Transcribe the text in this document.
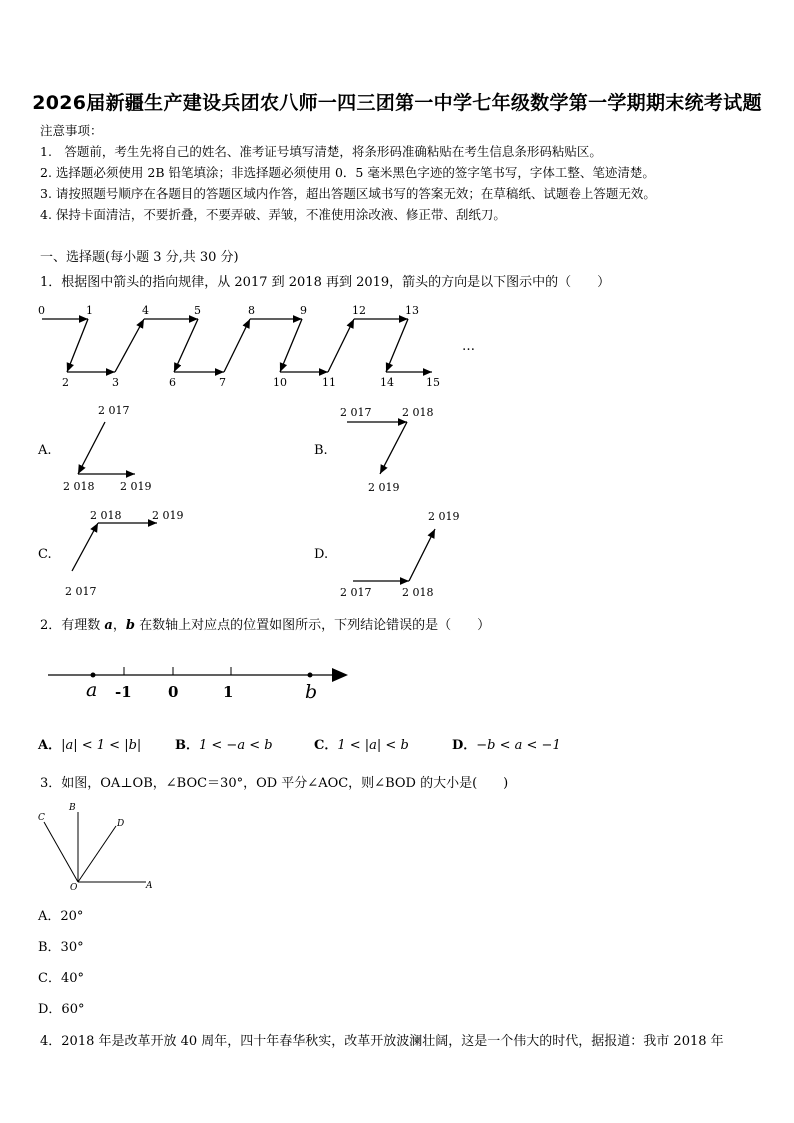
2026届新疆生产建设兵团农八师一四三团第一中学七年级数学第一学期期末统考试题
注意事项：
1.　答题前，考生先将自己的姓名、准考证号填写清楚，将条形码准确粘贴在考生信息条形码粘贴区。
2. 选择题必须使用 2B 铅笔填涂；非选择题必须使用 0．5 毫米黑色字迹的签字笔书写，字体工整、笔迹清楚。
3. 请按照题号顺序在各题目的答题区域内作答，超出答题区域书写的答案无效；在草稿纸、试题卷上答题无效。
4. 保持卡面清洁，不要折叠，不要弄破、弄皱，不准使用涂改液、修正带、刮纸刀。
一、选择题(每小题 3 分,共 30 分)
1．根据图中箭头的指向规律，从 2017 到 2018 再到 2019，箭头的方向是以下图示中的（　　）
0	1	4	5	8	9	12	13
2	3	6	7	10	11	14	15
…
A.
2 017
2 018 2 019
B.
2 017	2 018
2 019
C.
2 018	2 019
2 017
D.
2 019
2 017	2 018
2．有理数 a，b 在数轴上对应点的位置如图所示，下列结论错误的是（　　）
a -1 0	1	b
A．|a| < 1 < |b|	B．1 < −a < b	C．1 < |a| < b	D．−b < a < −1
3．如图，OA⊥OB，∠BOC＝30°，OD 平分∠AOC，则∠BOD 的大小是(　　)
C
B
D
O	A
A．20°
B．30°
C．40°
D．60°
4．2018 年是改革开放 40 周年，四十年春华秋实，改革开放波澜壮阔，这是一个伟大的时代，据报道：我市 2018 年
